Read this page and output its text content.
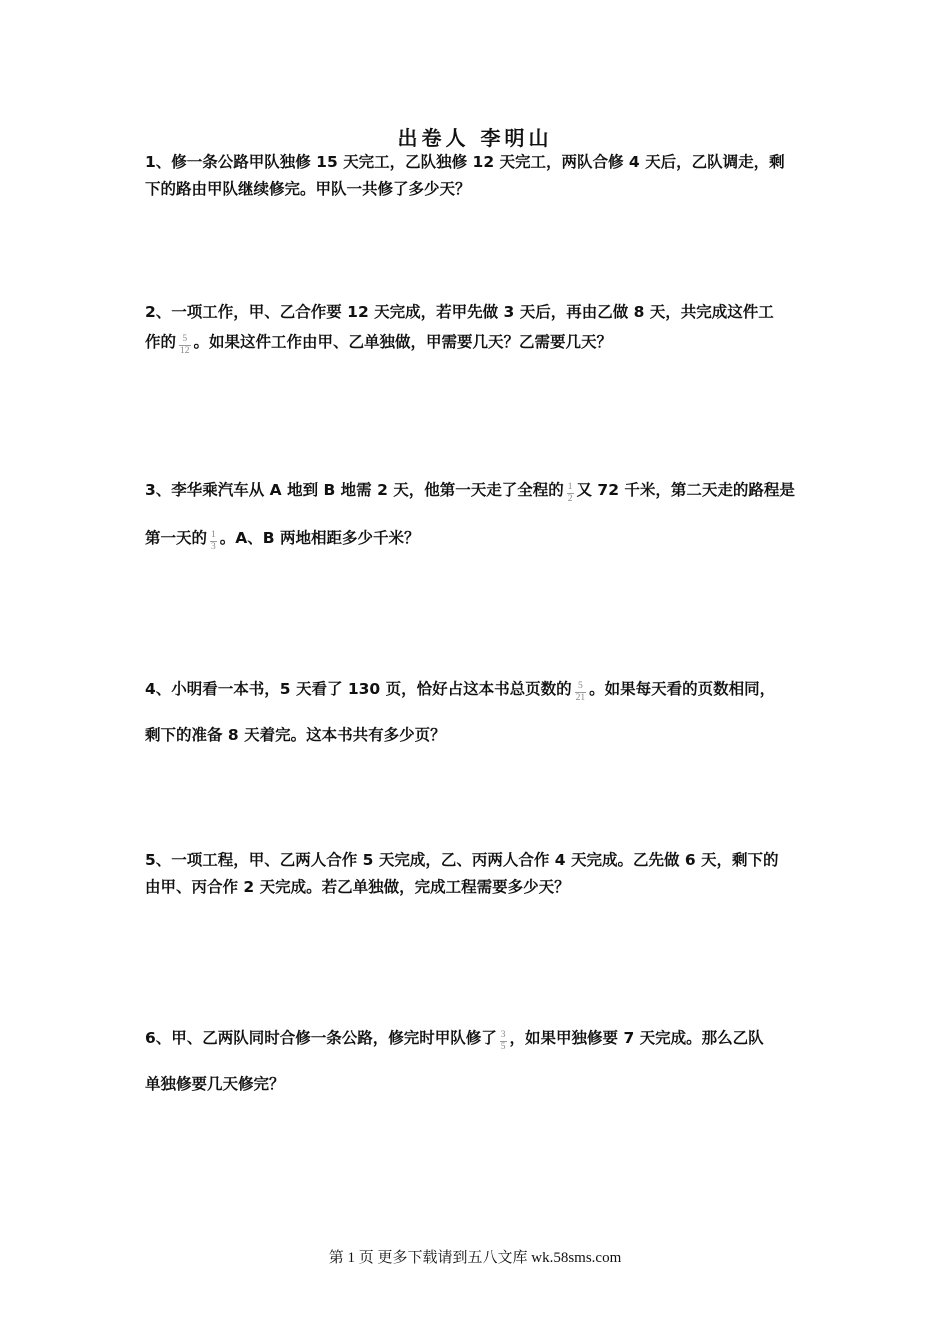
出卷人 李明山
1、修一条公路甲队独修 15 天完工，乙队独修 12 天完工，两队合修 4 天后，乙队调走，剩
下的路由甲队继续修完。甲队一共修了多少天？
2、一项工作，甲、乙合作要 12 天完成，若甲先做 3 天后，再由乙做 8 天，共完成这件工
作的 $\frac{5}{12}$ 。如果这件工作由甲、乙单独做，甲需要几天？乙需要几天？
3、李华乘汽车从 A 地到 B 地需 2 天，他第一天走了全程的 $\frac{1}{2}$ 又 72 千米，第二天走的路程是
第一天的 $\frac{1}{3}$ 。A、B 两地相距多少千米？
4、小明看一本书，5 天看了 130 页，恰好占这本书总页数的 $\frac{5}{21}$ 。如果每天看的页数相同，
剩下的准备 8 天着完。这本书共有多少页？
5、一项工程，甲、乙两人合作 5 天完成，乙、丙两人合作 4 天完成。乙先做 6 天，剩下的
由甲、丙合作 2 天完成。若乙单独做，完成工程需要多少天？
6、甲、乙两队同时合修一条公路，修完时甲队修了 $\frac{3}{5}$ ，如果甲独修要 7 天完成。那么乙队
单独修要几天修完？
第 1 页 更多下载请到五八文库 wk.58sms.com
